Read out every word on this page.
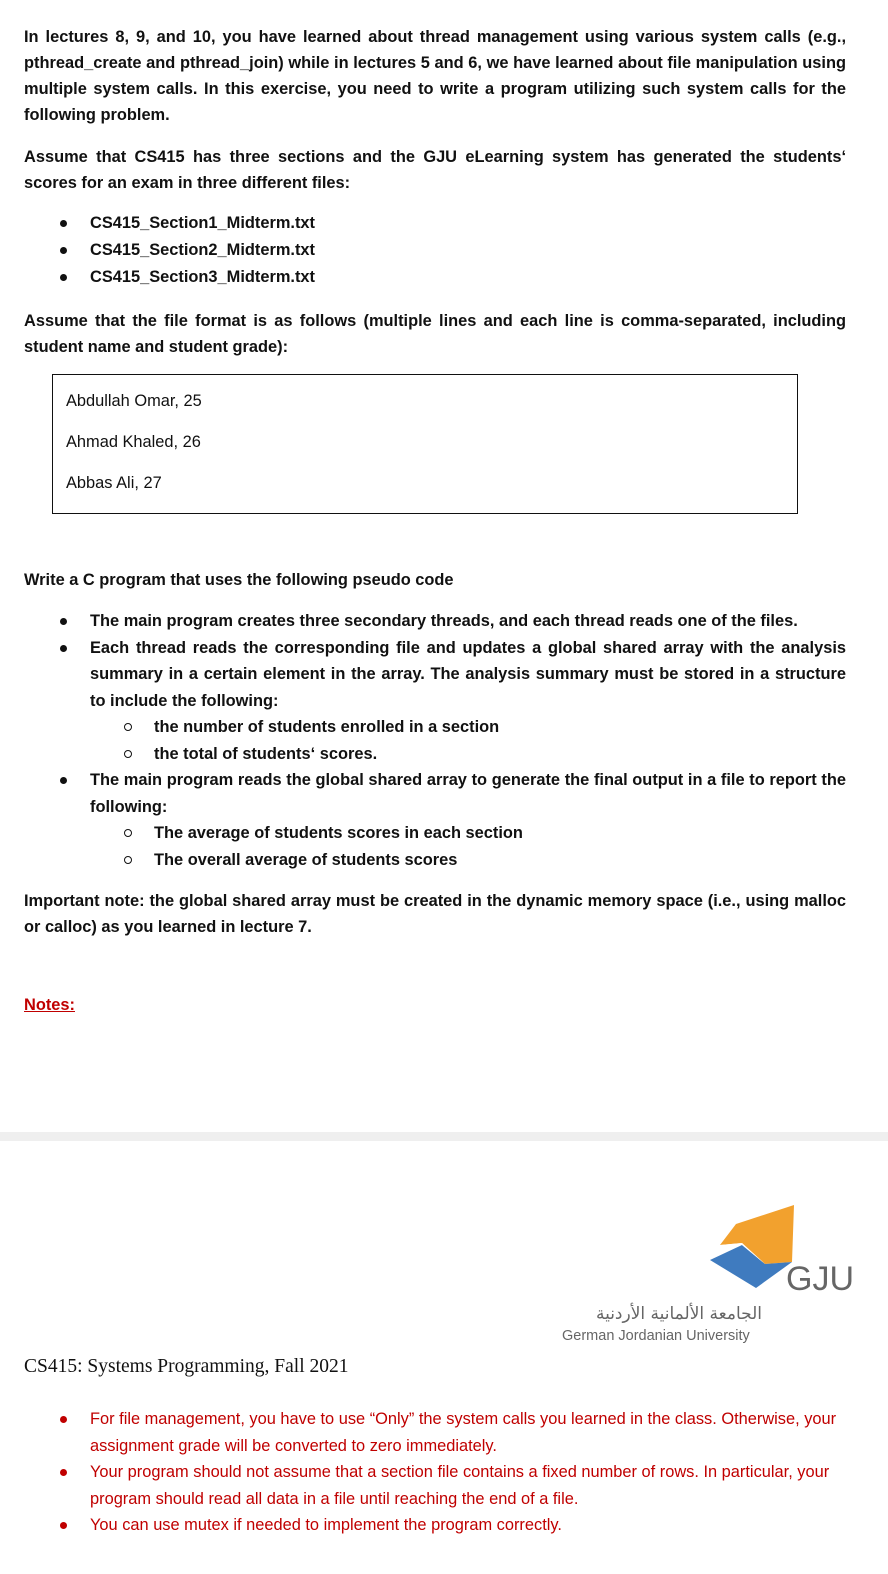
In lectures 8, 9, and 10, you have learned about thread management using various system calls (e.g., pthread_create and pthread_join) while in lectures 5 and 6, we have learned about file manipulation using multiple system calls. In this exercise, you need to write a program utilizing such system calls for the following problem.

Assume that CS415 has three sections and the GJU eLearning system has generated the students‘ scores for an exam in three different files:

CS415_Section1_Midterm.txt
CS415_Section2_Midterm.txt
CS415_Section3_Midterm.txt

Assume that the file format is as follows (multiple lines and each line is comma-separated, including student name and student grade):

Abdullah Omar, 25
Ahmad Khaled, 26
Abbas Ali, 27

Write a C program that uses the following pseudo code

The main program creates three secondary threads, and each thread reads one of the files.
Each thread reads the corresponding file and updates a global shared array with the analysis summary in a certain element in the array. The analysis summary must be stored in a structure to include the following:
the number of students enrolled in a section
the total of students‘ scores.
The main program reads the global shared array to generate the final output in a file to report the following:
The average of students scores in each section
The overall average of students scores

Important note: the global shared array must be created in the dynamic memory space (i.e., using malloc or calloc) as you learned in lecture 7.

Notes:
GJU
الجامعة الألمانية الأردنية
German Jordanian University
CS415: Systems Programming, Fall 2021
For file management, you have to use “Only” the system calls you learned in the class. Otherwise, your assignment grade will be converted to zero immediately.
Your program should not assume that a section file contains a fixed number of rows. In particular, your program should read all data in a file until reaching the end of a file.
You can use mutex if needed to implement the program correctly.
